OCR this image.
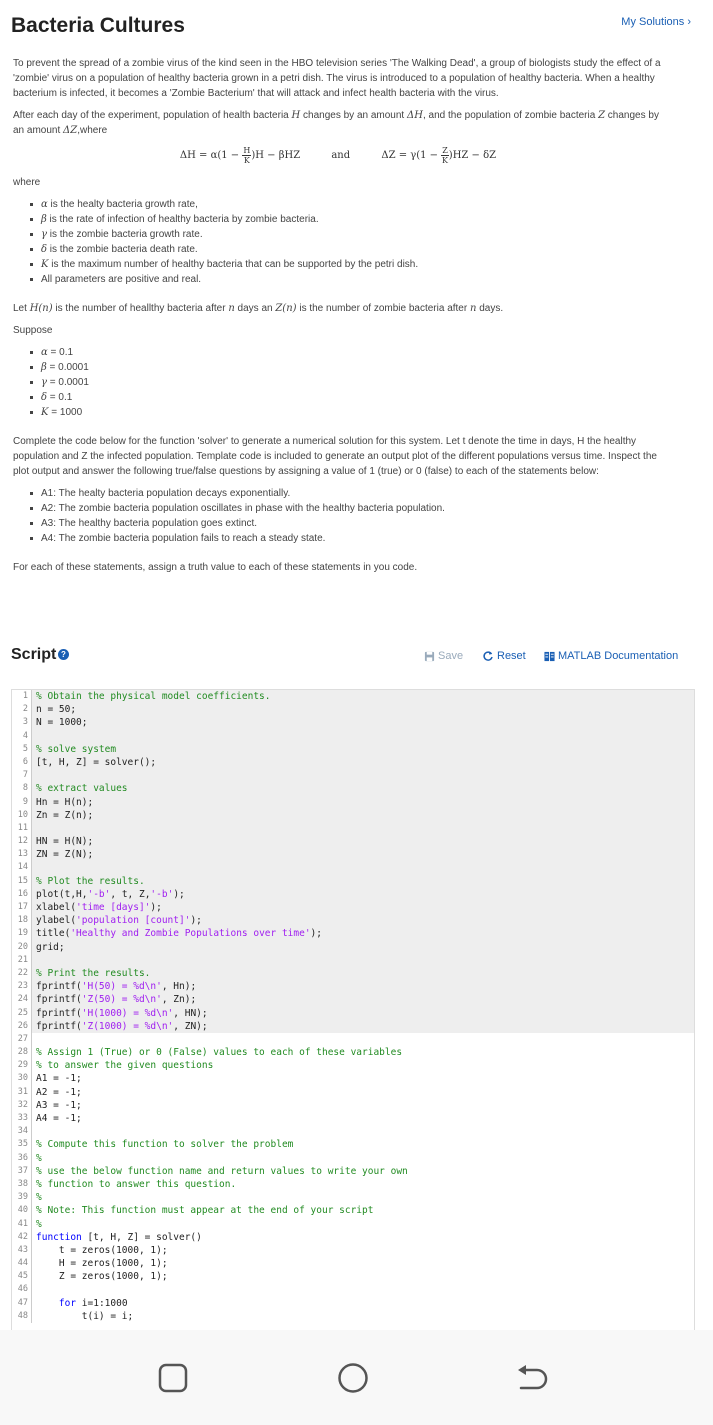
Bacteria Cultures	My Solutions ›

To prevent the spread of a zombie virus of the kind seen in the HBO television series 'The Walking Dead', a group of biologists study the effect of a 'zombie' virus on a population of healthy bacteria grown in a petri dish. The virus is introduced to a population of healthy bacteria. When a healthy bacterium is infected, it becomes a 'Zombie Bacterium' that will attack and infect health bacteria with the virus.

After each day of the experiment, population of health bacteria H changes by an amount ΔH, and the population of zombie bacteria Z changes by an amount ΔZ,where

$\Delta H = \alpha(1 - \frac{H}{K} )H - \beta HZ$	and	$\Delta Z = \gamma(1 - \frac{Z}{K} )HZ - \delta Z$

where

α is the healty bacteria growth rate,
β is the rate of infection of healthy bacteria by zombie bacteria.
γ is the zombie bacteria growth rate.
δ is the zombie bacteria death rate.
K is the maximum number of healthy bacteria that can be supported by the petri dish.
All parameters are positive and real.

Let H(n) is the number of heallthy bacteria after n days an Z(n) is the number of zombie bacteria after n days.

Suppose

α = 0.1
β = 0.0001
γ = 0.0001
δ = 0.1
K = 1000

Complete the code below for the function 'solver' to generate a numerical solution for this system. Let t denote the time in days, H the healthy population and Z the infected population. Template code is included to generate an output plot of the different populations versus time. Inspect the plot output and answer the following true/false questions by assigning a value of 1 (true) or 0 (false) to each of the statements below:

A1: The healty bacteria population decays exponentially.
A2: The zombie bacteria population oscillates in phase with the healthy bacteria population.
A3: The healthy bacteria population goes extinct.
A4: The zombie bacteria population fails to reach a steady state.

For each of these statements, assign a truth value to each of these statements in you code.

Script ?	Save	Reset	MATLAB Documentation
1 % Obtain the physical model coefficients.
2 n = 50;
3 N = 1000;
4
5 % solve system
6 [t, H, Z] = solver();
7
8 % extract values
9 Hn = H(n);
10 Zn = Z(n);
11
12 HN = H(N);
13 ZN = Z(N);
14
15 % Plot the results.
16 plot(t,H,'-b', t, Z,'-b');
17 xlabel('time [days]');
18 ylabel('population [count]');
19 title('Healthy and Zombie Populations over time');
20 grid;
21
22 % Print the results.
23 fprintf('H(50) = %d\n', Hn);
24 fprintf('Z(50) = %d\n', Zn);
25 fprintf('H(1000) = %d\n', HN);
26 fprintf('Z(1000) = %d\n', ZN);
27
28 % Assign 1 (True) or 0 (False) values to each of these variables
29 % to answer the given questions
30 A1 = -1;
31 A2 = -1;
32 A3 = -1;
33 A4 = -1;
34
35 % Compute this function to solver the problem
36 %
37 % use the below function name and return values to write your own
38 % function to answer this question.
39 %
40 % Note: This function must appear at the end of your script
41 %
42 function [t, H, Z] = solver()
43 t = zeros(1000, 1);
44 H = zeros(1000, 1);
45 Z = zeros(1000, 1);
46
47	for i=1:1000
48 t(i) = i;
